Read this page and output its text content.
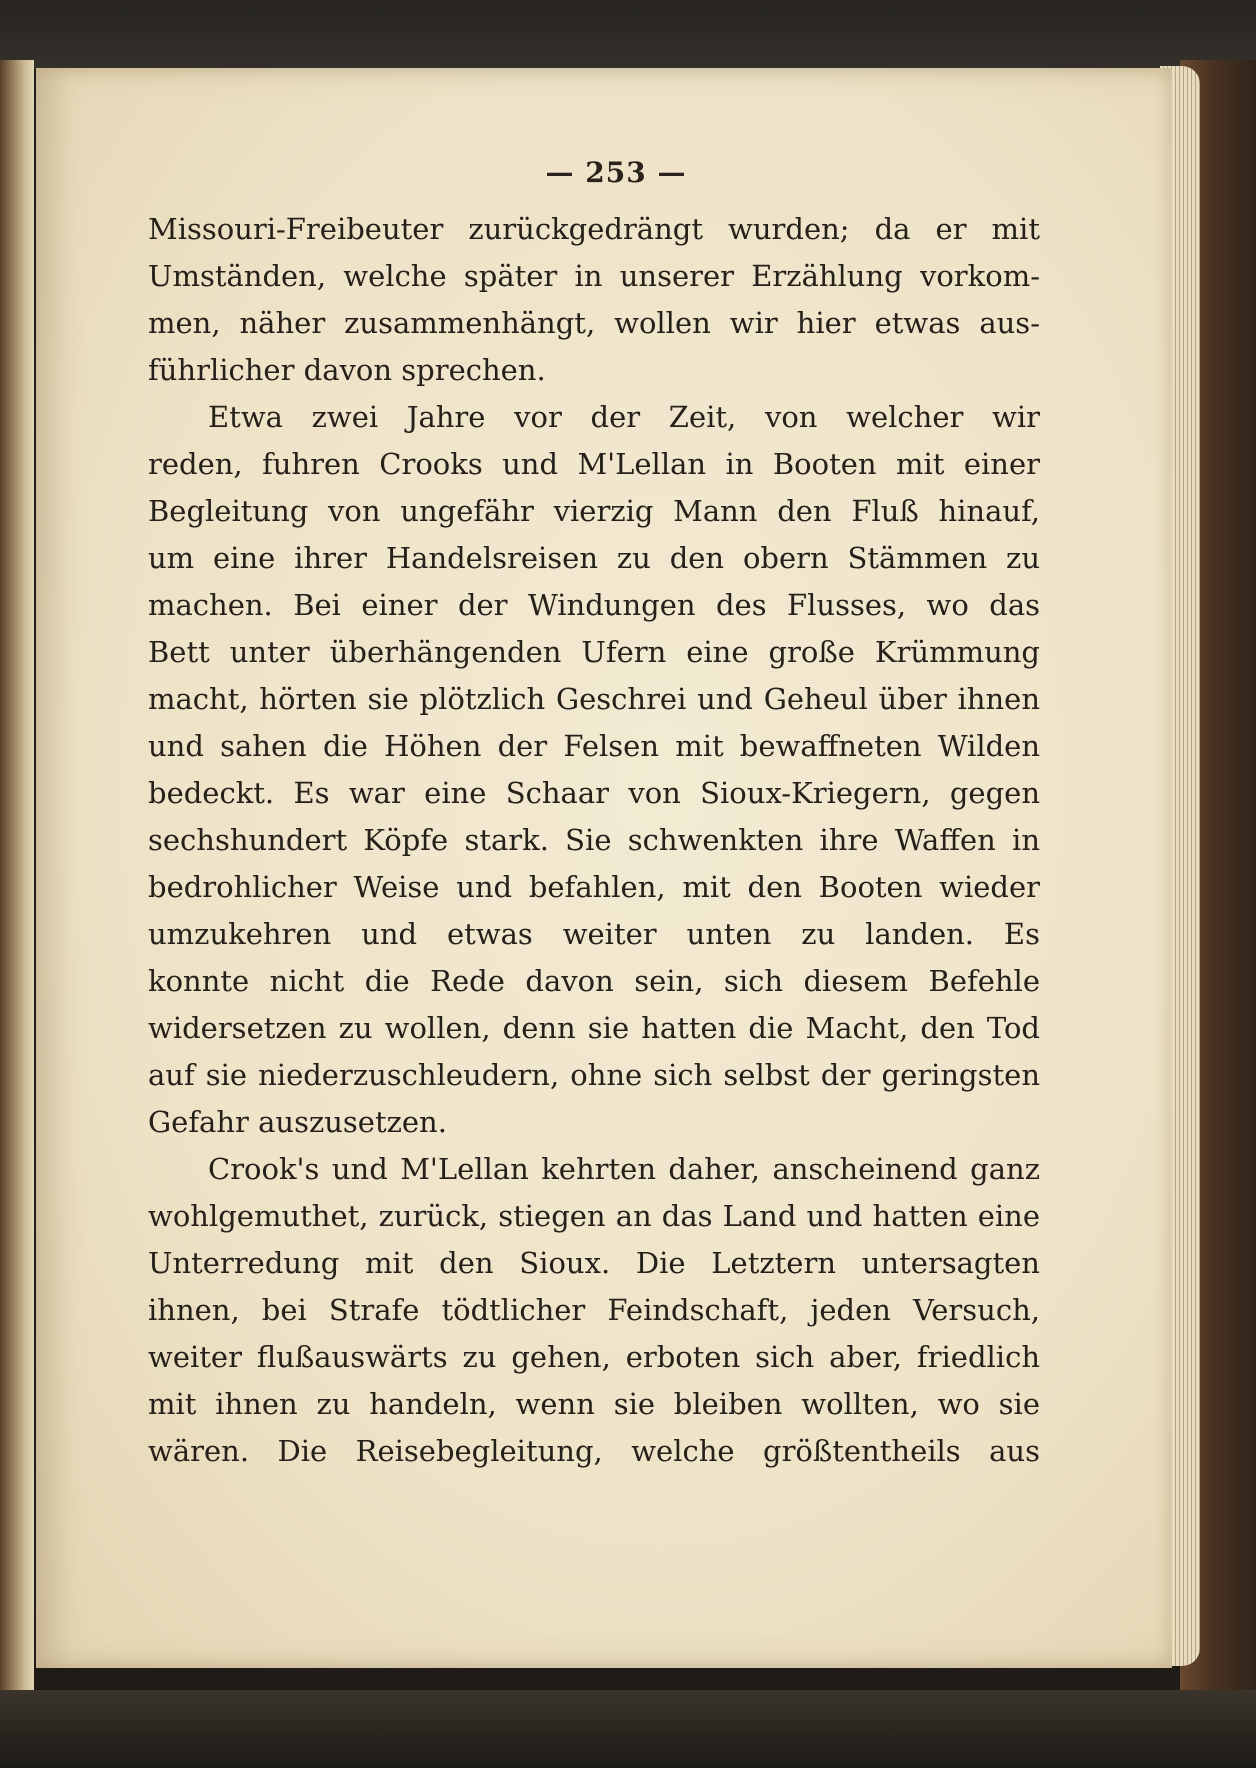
— 253 —
Missouri-Freibeuter zurückgedrängt wurden; da er mit
Umständen, welche später in unserer Erzählung vorkom-
men, näher zusammenhängt, wollen wir hier etwas aus-
führlicher davon sprechen.
Etwa zwei Jahre vor der Zeit, von welcher wir
reden, fuhren Crooks und M'Lellan in Booten mit einer
Begleitung von ungefähr vierzig Mann den Fluß hinauf,
um eine ihrer Handelsreisen zu den obern Stämmen zu
machen. Bei einer der Windungen des Flusses, wo das
Bett unter überhängenden Ufern eine große Krümmung
macht, hörten sie plötzlich Geschrei und Geheul über ihnen
und sahen die Höhen der Felsen mit bewaffneten Wilden
bedeckt. Es war eine Schaar von Sioux-Kriegern, gegen
sechshundert Köpfe stark. Sie schwenkten ihre Waffen in
bedrohlicher Weise und befahlen, mit den Booten wieder
umzukehren und etwas weiter unten zu landen. Es
konnte nicht die Rede davon sein, sich diesem Befehle
widersetzen zu wollen, denn sie hatten die Macht, den Tod
auf sie niederzuschleudern, ohne sich selbst der geringsten
Gefahr auszusetzen.
Crook's und M'Lellan kehrten daher, anscheinend ganz
wohlgemuthet, zurück, stiegen an das Land und hatten eine
Unterredung mit den Sioux. Die Letztern untersagten
ihnen, bei Strafe tödtlicher Feindschaft, jeden Versuch,
weiter flußauswärts zu gehen, erboten sich aber, friedlich
mit ihnen zu handeln, wenn sie bleiben wollten, wo sie
wären. Die Reisebegleitung, welche größtentheils aus
